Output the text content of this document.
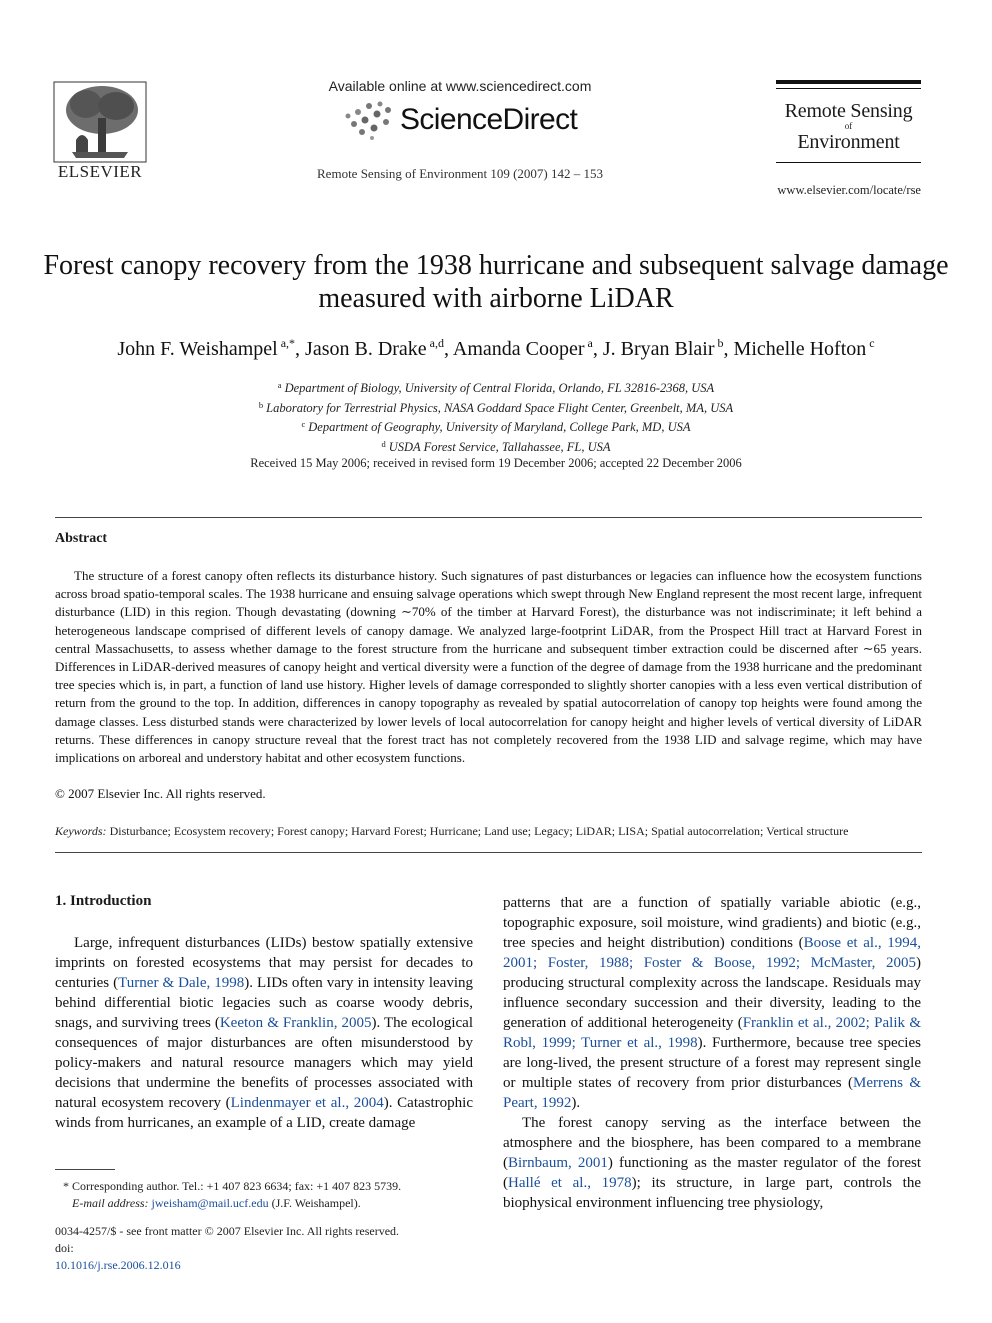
ELSEVIER
Available online at www.sciencedirect.com
ScienceDirect
Remote Sensing of Environment 109 (2007) 142 – 153
Remote Sensing
of
Environment
www.elsevier.com/locate/rse
Forest canopy recovery from the 1938 hurricane and subsequent salvage damage measured with airborne LiDAR
John F. Weishampel $^{a,*}$, Jason B. Drake $^{a,d}$, Amanda Cooper $^a$, J. Bryan Blair $^b$, Michelle Hofton $^c$
$^a$ Department of Biology, University of Central Florida, Orlando, FL 32816-2368, USA
$^b$ Laboratory for Terrestrial Physics, NASA Goddard Space Flight Center, Greenbelt, MA, USA
$^c$ Department of Geography, University of Maryland, College Park, MD, USA
$^d$ USDA Forest Service, Tallahassee, FL, USA
Received 15 May 2006; received in revised form 19 December 2006; accepted 22 December 2006
Abstract

The structure of a forest canopy often reflects its disturbance history. Such signatures of past disturbances or legacies can influence how the ecosystem functions across broad spatio-temporal scales. The 1938 hurricane and ensuing salvage operations which swept through New England represent the most recent large, infrequent disturbance (LID) in this region. Though devastating (downing ∼70% of the timber at Harvard Forest), the disturbance was not indiscriminate; it left behind a heterogeneous landscape comprised of different levels of canopy damage. We analyzed large-footprint LiDAR, from the Prospect Hill tract at Harvard Forest in central Massachusetts, to assess whether damage to the forest structure from the hurricane and subsequent timber extraction could be discerned after ∼65 years. Differences in LiDAR-derived measures of canopy height and vertical diversity were a function of the degree of damage from the 1938 hurricane and the predominant tree species which is, in part, a function of land use history. Higher levels of damage corresponded to slightly shorter canopies with a less even vertical distribution of return from the ground to the top. In addition, differences in canopy topography as revealed by spatial autocorrelation of canopy top heights were found among the damage classes. Less disturbed stands were characterized by lower levels of local autocorrelation for canopy height and higher levels of vertical diversity of LiDAR returns. These differences in canopy structure reveal that the forest tract has not completely recovered from the 1938 LID and salvage regime, which may have implications on arboreal and understory habitat and other ecosystem functions.

© 2007 Elsevier Inc. All rights reserved.
Keywords: Disturbance; Ecosystem recovery; Forest canopy; Harvard Forest; Hurricane; Land use; Legacy; LiDAR; LISA; Spatial autocorrelation; Vertical structure
1. Introduction

Large, infrequent disturbances (LIDs) bestow spatially extensive imprints on forested ecosystems that may persist for decades to centuries (Turner & Dale, 1998). LIDs often vary in intensity leaving behind differential biotic legacies such as coarse woody debris, snags, and surviving trees (Keeton & Franklin, 2005). The ecological consequences of major disturbances are often misunderstood by policy-makers and natural resource managers which may yield decisions that undermine the benefits of processes associated with natural ecosystem recovery (Lindenmayer et al., 2004). Catastrophic winds from hurricanes, an example of a LID, create damage

patterns that are a function of spatially variable abiotic (e.g., topographic exposure, soil moisture, wind gradients) and biotic (e.g., tree species and height distribution) conditions (Boose et al., 1994, 2001; Foster, 1988; Foster & Boose, 1992; McMaster, 2005) producing structural complexity across the landscape. Residuals may influence secondary succession and their diversity, leading to the generation of additional heterogeneity (Franklin et al., 2002; Palik & Robl, 1999; Turner et al., 1998). Furthermore, because tree species are long-lived, the present structure of a forest may represent single or multiple states of recovery from prior disturbances (Merrens & Peart, 1992).

The forest canopy serving as the interface between the atmosphere and the biosphere, has been compared to a membrane (Birnbaum, 2001) functioning as the master regulator of the forest (Hallé et al., 1978); its structure, in large part, controls the biophysical environment influencing tree physiology,

* Corresponding author. Tel.: +1 407 823 6634; fax: +1 407 823 5739.
E-mail address: jweisham@mail.ucf.edu (J.F. Weishampel).
0034-4257/$ - see front matter © 2007 Elsevier Inc. All rights reserved.
doi:
10.1016/j.rse.2006.12.016
